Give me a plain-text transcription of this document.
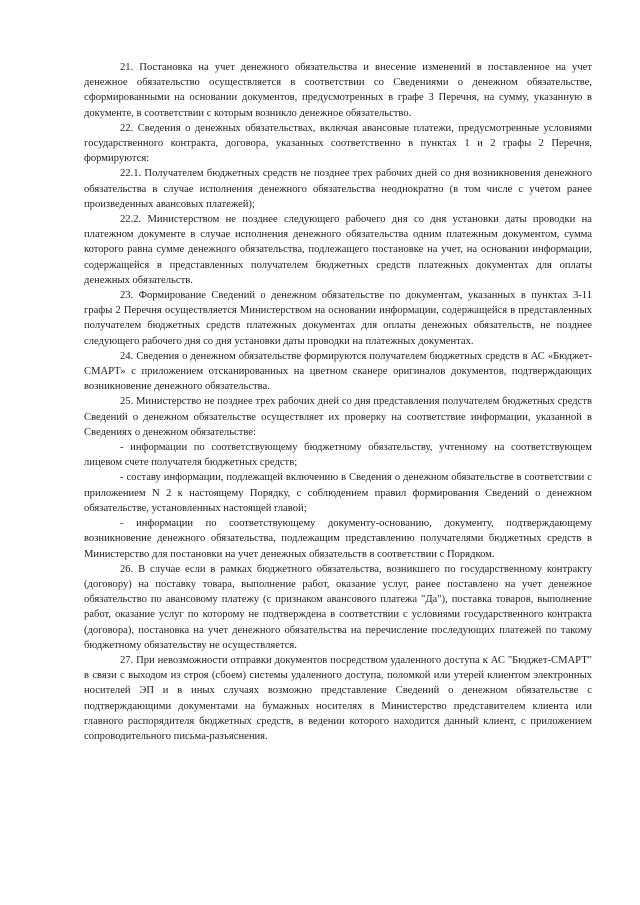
21. Постановка на учет денежного обязательства и внесение изменений в поставленное на учет денежное обязательство осуществляется в соответствии со Сведениями о денежном обязательстве, сформированными на основании документов, предусмотренных в графе 3 Перечня, на сумму, указанную в документе, в соответствии с которым возникло денежное обязательство.

22. Сведения о денежных обязательствах, включая авансовые платежи, предусмотренные условиями государственного контракта, договора, указанных соответственно в пунктах 1 и 2 графы 2 Перечня, формируются:

22.1. Получателем бюджетных средств не позднее трех рабочих дней со дня возникновения денежного обязательства в случае исполнения денежного обязательства неоднократно (в том числе с учетом ранее произведенных авансовых платежей);

22.2. Министерством не позднее следующего рабочего дня со дня установки даты проводки на платежном документе в случае исполнения денежного обязательства одним платежным документом, сумма которого равна сумме денежного обязательства, подлежащего постановке на учет, на основании информации, содержащейся в представленных получателем бюджетных средств платежных документах для оплаты денежных обязательств.

23. Формирование Сведений о денежном обязательстве по документам, указанных в пунктах 3-11 графы 2 Перечня осуществляется Министерством на основании информации, содержащейся в представленных получателем бюджетных средств платежных документах для оплаты денежных обязательств, не позднее следующего рабочего дня со дня установки даты проводки на платежных документах.

24. Сведения о денежном обязательстве формируются получателем бюджетных средств в АС «Бюджет-СМАРТ» с приложением отсканированных на цветном сканере оригиналов документов, подтверждающих возникновение денежного обязательства.

25. Министерство не позднее трех рабочих дней со дня представления получателем бюджетных средств Сведений о денежном обязательстве осуществляет их проверку на соответствие информации, указанной в Сведениях о денежном обязательстве:

- информации по соответствующему бюджетному обязательству, учтенному на соответствующем лицевом счете получателя бюджетных средств;

- составу информации, подлежащей включению в Сведения о денежном обязательстве в соответствии с приложением N 2 к настоящему Порядку, с соблюдением правил формирования Сведений о денежном обязательстве, установленных настоящей главой;

- информации по соответствующему документу-основанию, документу, подтверждающему возникновение денежного обязательства, подлежащим представлению получателями бюджетных средств в Министерство для постановки на учет денежных обязательств в соответствии с Порядком.

26. В случае если в рамках бюджетного обязательства, возникшего по государственному контракту (договору) на поставку товара, выполнение работ, оказание услуг, ранее поставлено на учет денежное обязательство по авансовому платежу (с признаком авансового платежа "Да"), поставка товаров, выполнение работ, оказание услуг по которому не подтверждена в соответствии с условиями государственного контракта (договора), постановка на учет денежного обязательства на перечисление последующих платежей по такому бюджетному обязательству не осуществляется.

27. При невозможности отправки документов посредством удаленного доступа к АС "Бюджет-СМАРТ" в связи с выходом из строя (сбоем) системы удаленного доступа, поломкой или утерей клиентом электронных носителей ЭП и в иных случаях возможно представление Сведений о денежном обязательстве с подтверждающими документами на бумажных носителях в Министерство представителем клиента или главного распорядителя бюджетных средств, в ведении которого находится данный клиент, с приложением сопроводительного письма-разъяснения.
